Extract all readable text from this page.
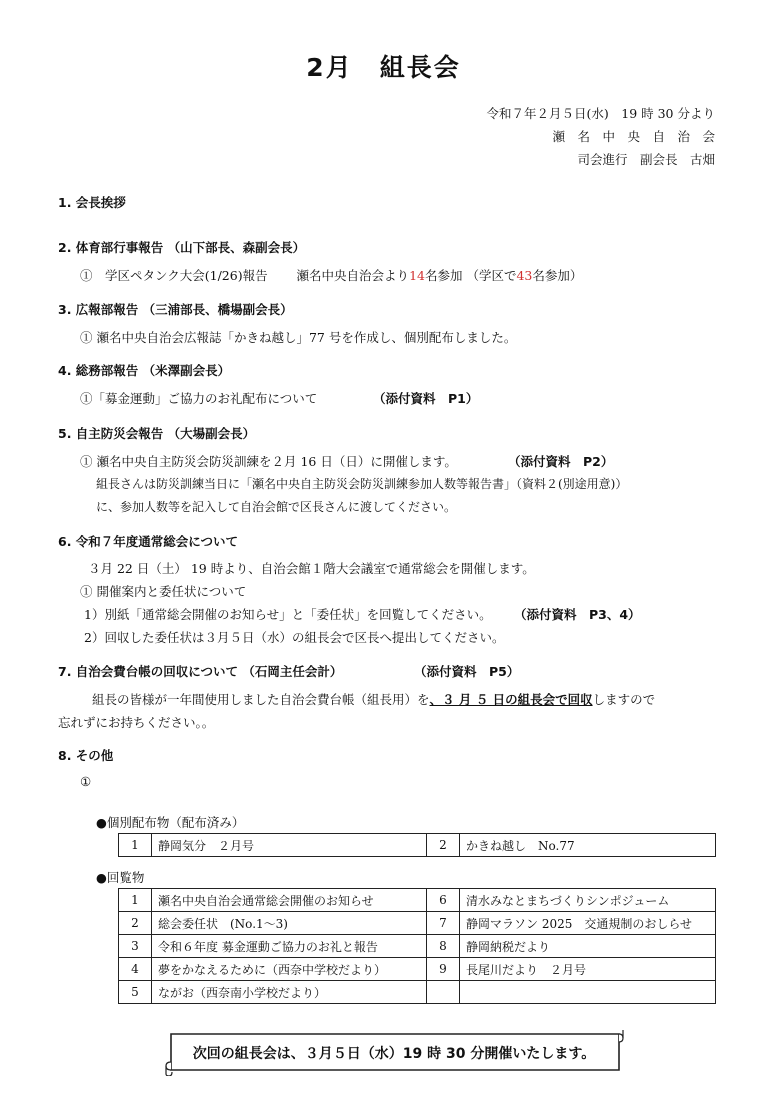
2月　組長会
令和７年２月５日(水)　19 時 30 分より
瀬　名　中　央　自　治　会
司会進行　副会長　古畑
1. 会長挨拶
2. 体育部行事報告 （山下部長、森副会長）
①　学区ペタンク大会(1/26)報告　　 瀬名中央自治会より14名参加 （学区で43名参加）
3. 広報部報告 （三浦部長、橋場副会長）
① 瀬名中央自治会広報誌「かきね越し」77 号を作成し、個別配布しました。
4. 総務部報告 （米澤副会長）
①「募金運動」ご協力のお礼配布について	（添付資料　P1）
5. 自主防災会報告 （大場副会長）
① 瀬名中央自主防災会防災訓練を２月 16 日（日）に開催します。	（添付資料　P2）
組長さんは防災訓練当日に「瀬名中央自主防災会防災訓練参加人数等報告書」（資料２(別途用意)）
に、参加人数等を記入して自治会館で区長さんに渡してください。
6. 令和７年度通常総会について
３月 22 日（土） 19 時より、自治会館１階大会議室で通常総会を開催します。
① 開催案内と委任状について
1）別紙「通常総会開催のお知らせ」と「委任状」を回覧してください。 （添付資料　P3、4）
2）回収した委任状は３月５日（水）の組長会で区長へ提出してください。
7. 自治会費台帳の回収について （石岡主任会計）	（添付資料　P5）
組長の皆様が一年間使用しました自治会費台帳（組長用）を、３ 月 ５ 日の組長会で回収しますので
忘れずにお持ちください。。
8. その他
①
●個別配布物（配布済み）
1	静岡気分　２月号	2	かきね越し　No.77
●回覧物
1	瀬名中央自治会通常総会開催のお知らせ	6	清水みなとまちづくりシンポジューム
2	総会委任状　(No.1～3)	7	静岡マラソン 2025　交通規制のおしらせ
3	令和６年度 募金運動ご協力のお礼と報告	8	静岡納税だより
4	夢をかなえるために（西奈中学校だより）	9	長尾川だより　２月号
5	ながお（西奈南小学校だより）		
次回の組長会は、３月５日（水）19 時 30 分開催いたします。
